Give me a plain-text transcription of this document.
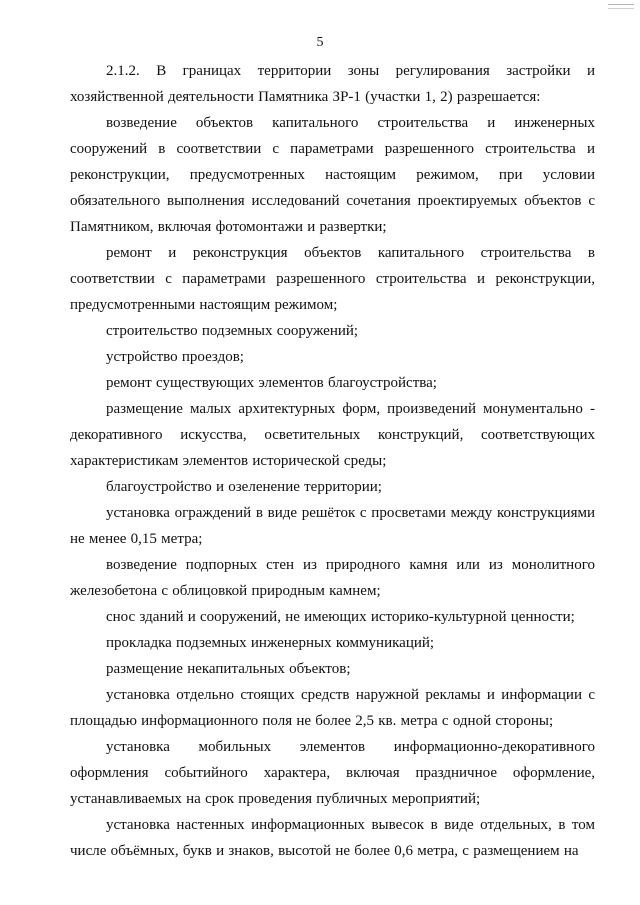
5

2.1.2. В границах территории зоны регулирования застройки и хозяйственной деятельности Памятника ЗР-1 (участки 1, 2) разрешается:

возведение объектов капитального строительства и инженерных сооружений в соответствии с параметрами разрешенного строительства и реконструкции, предусмотренных настоящим режимом, при условии обязательного выполнения исследований сочетания проектируемых объектов с Памятником, включая фотомонтажи и развертки;

ремонт и реконструкция объектов капитального строительства в соответствии с параметрами разрешенного строительства и реконструкции, предусмотренными настоящим режимом;

строительство подземных сооружений;

устройство проездов;

ремонт существующих элементов благоустройства;

размещение малых архитектурных форм, произведений монументально - декоративного искусства, осветительных конструкций, соответствующих характеристикам элементов исторической среды;

благоустройство и озеленение территории;

установка ограждений в виде решёток с просветами между конструкциями не менее 0,15 метра;

возведение подпорных стен из природного камня или из монолитного железобетона с облицовкой природным камнем;

снос зданий и сооружений, не имеющих историко-культурной ценности;

прокладка подземных инженерных коммуникаций;

размещение некапитальных объектов;

установка отдельно стоящих средств наружной рекламы и информации с площадью информационного поля не более 2,5 кв. метра с одной стороны;

установка мобильных элементов информационно-декоративного оформления событийного характера, включая праздничное оформление, устанавливаемых на срок проведения публичных мероприятий;

установка настенных информационных вывесок в виде отдельных, в том числе объёмных, букв и знаков, высотой не более 0,6 метра, с размещением на
